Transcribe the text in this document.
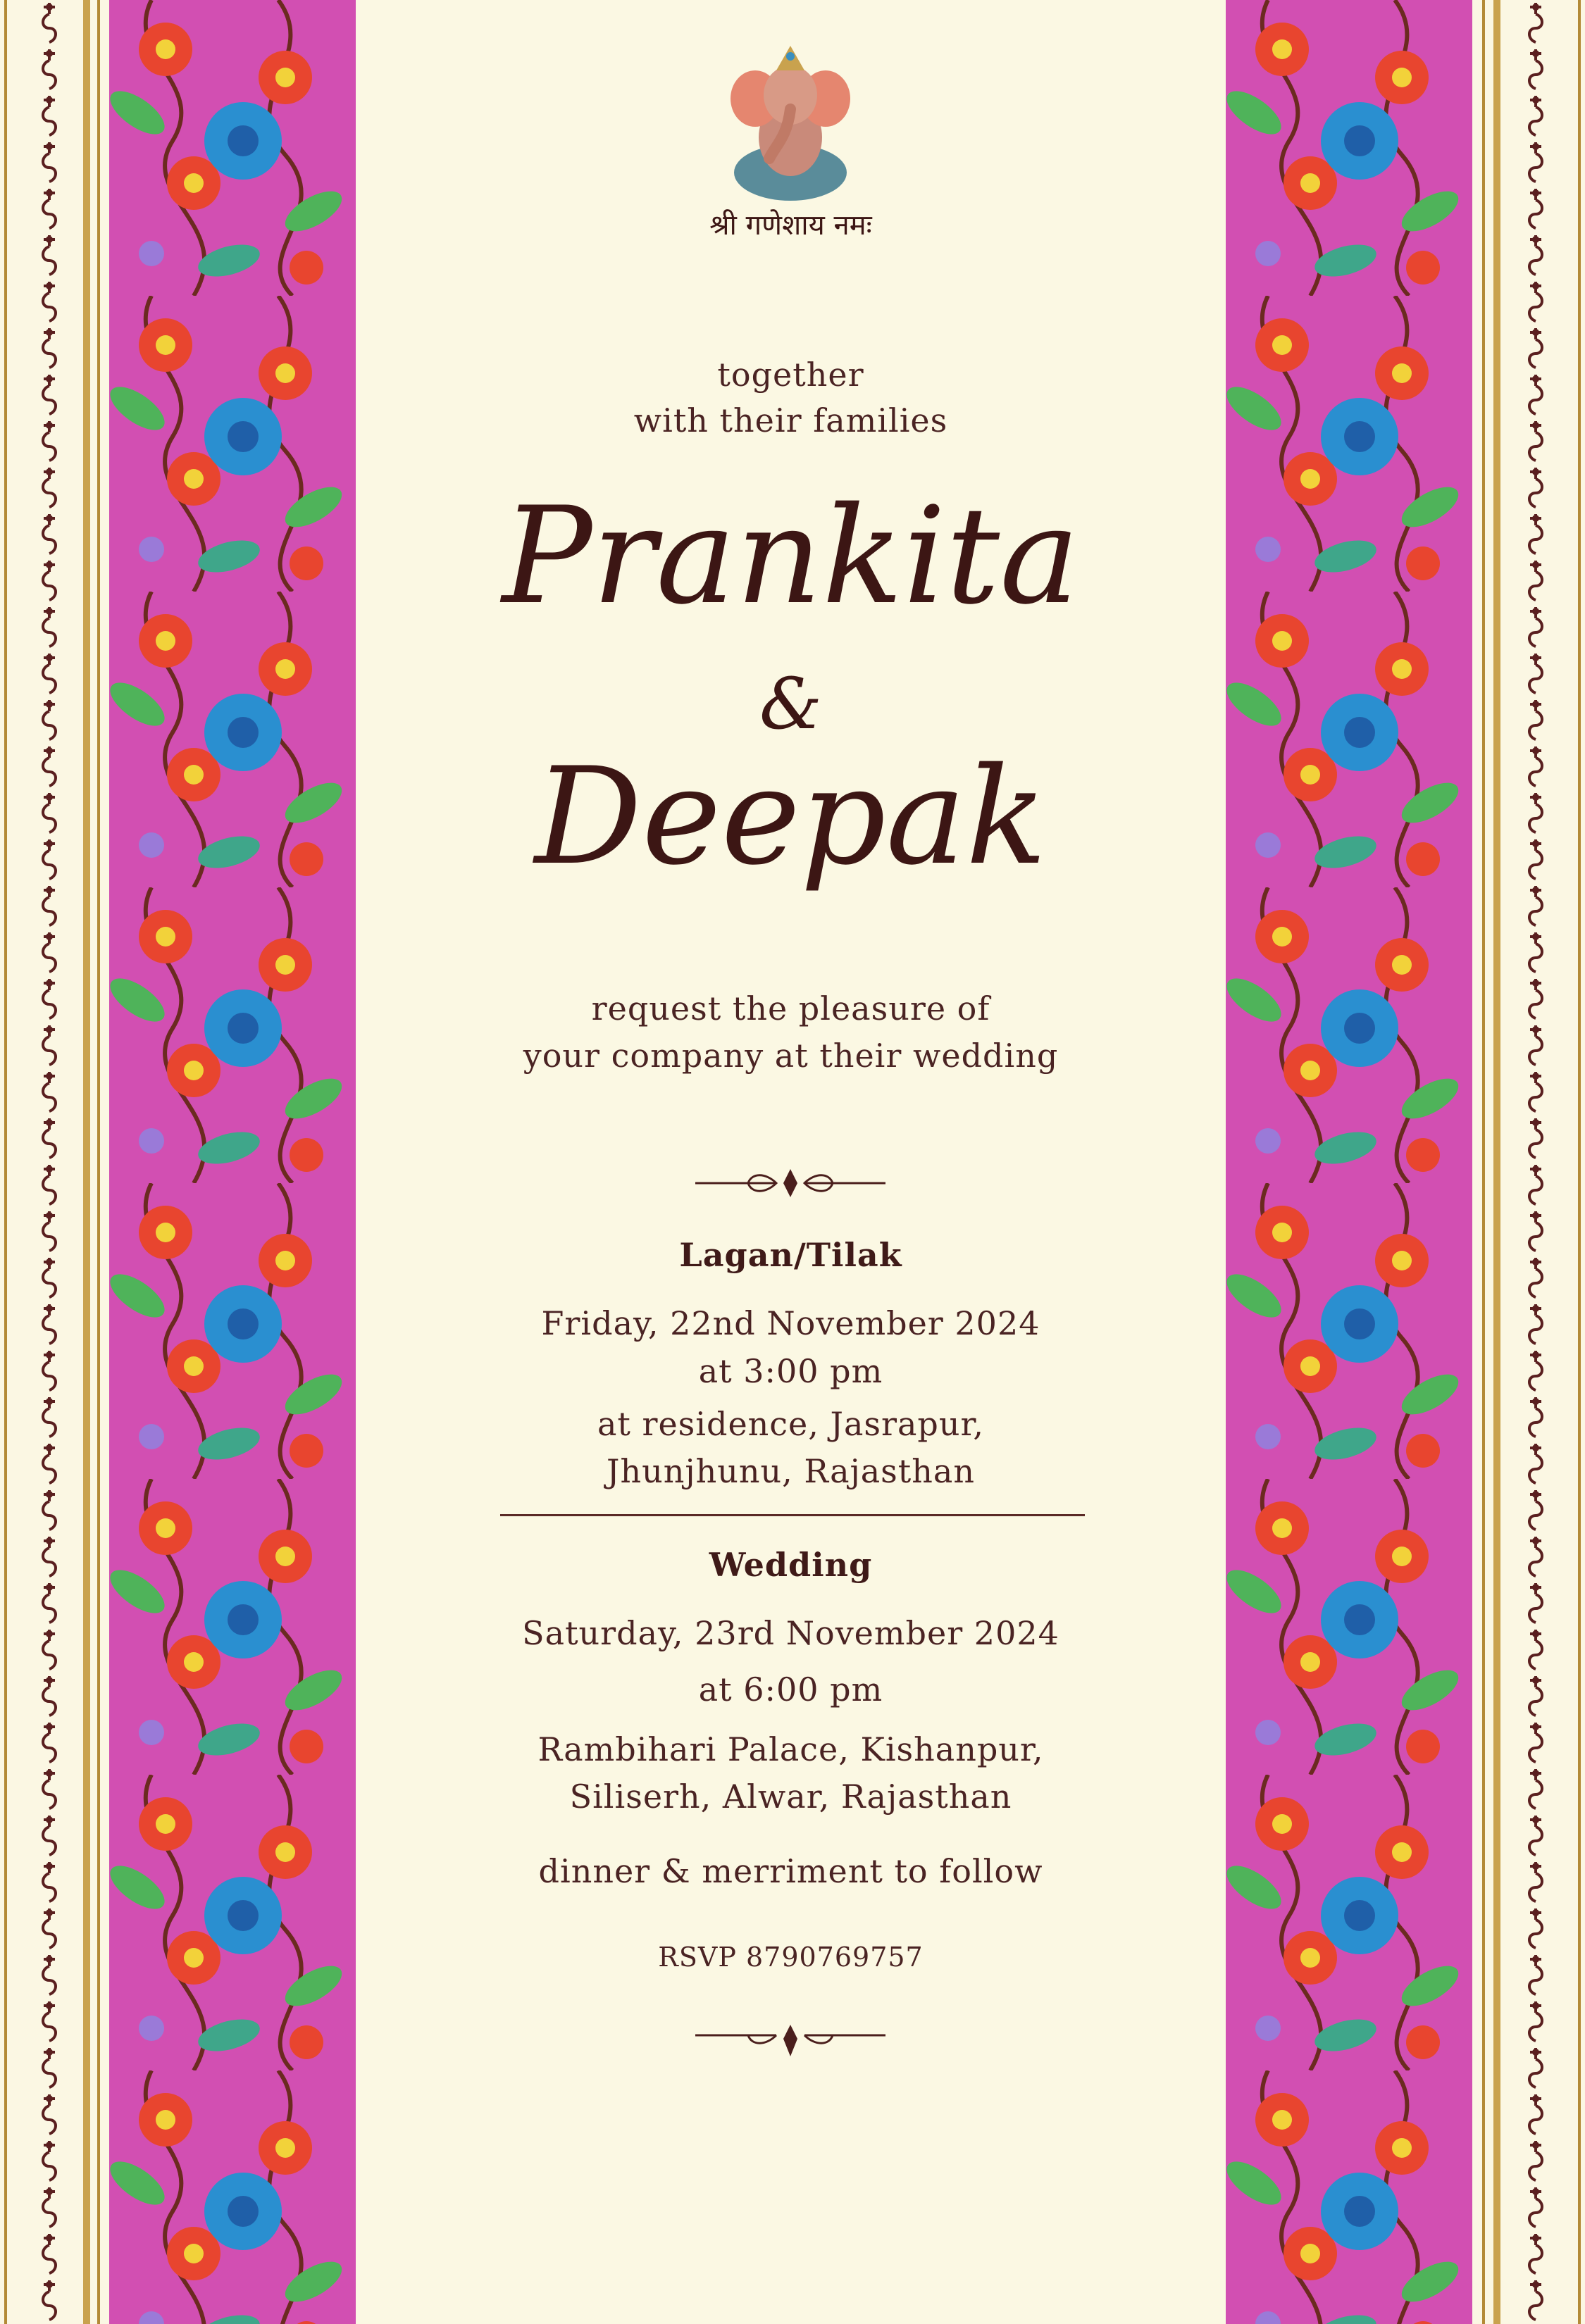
श्री गणेशाय नमः
together
with their families
Prankita
&
Deepak
request the pleasure of
your company at their wedding
Lagan/Tilak
Friday, 22nd November 2024
at 3:00 pm
at residence, Jasrapur,
Jhunjhunu, Rajasthan
Wedding
Saturday, 23rd November 2024
at 6:00 pm
Rambihari Palace, Kishanpur,
Siliserh, Alwar, Rajasthan
dinner & merriment to follow
RSVP 8790769757
